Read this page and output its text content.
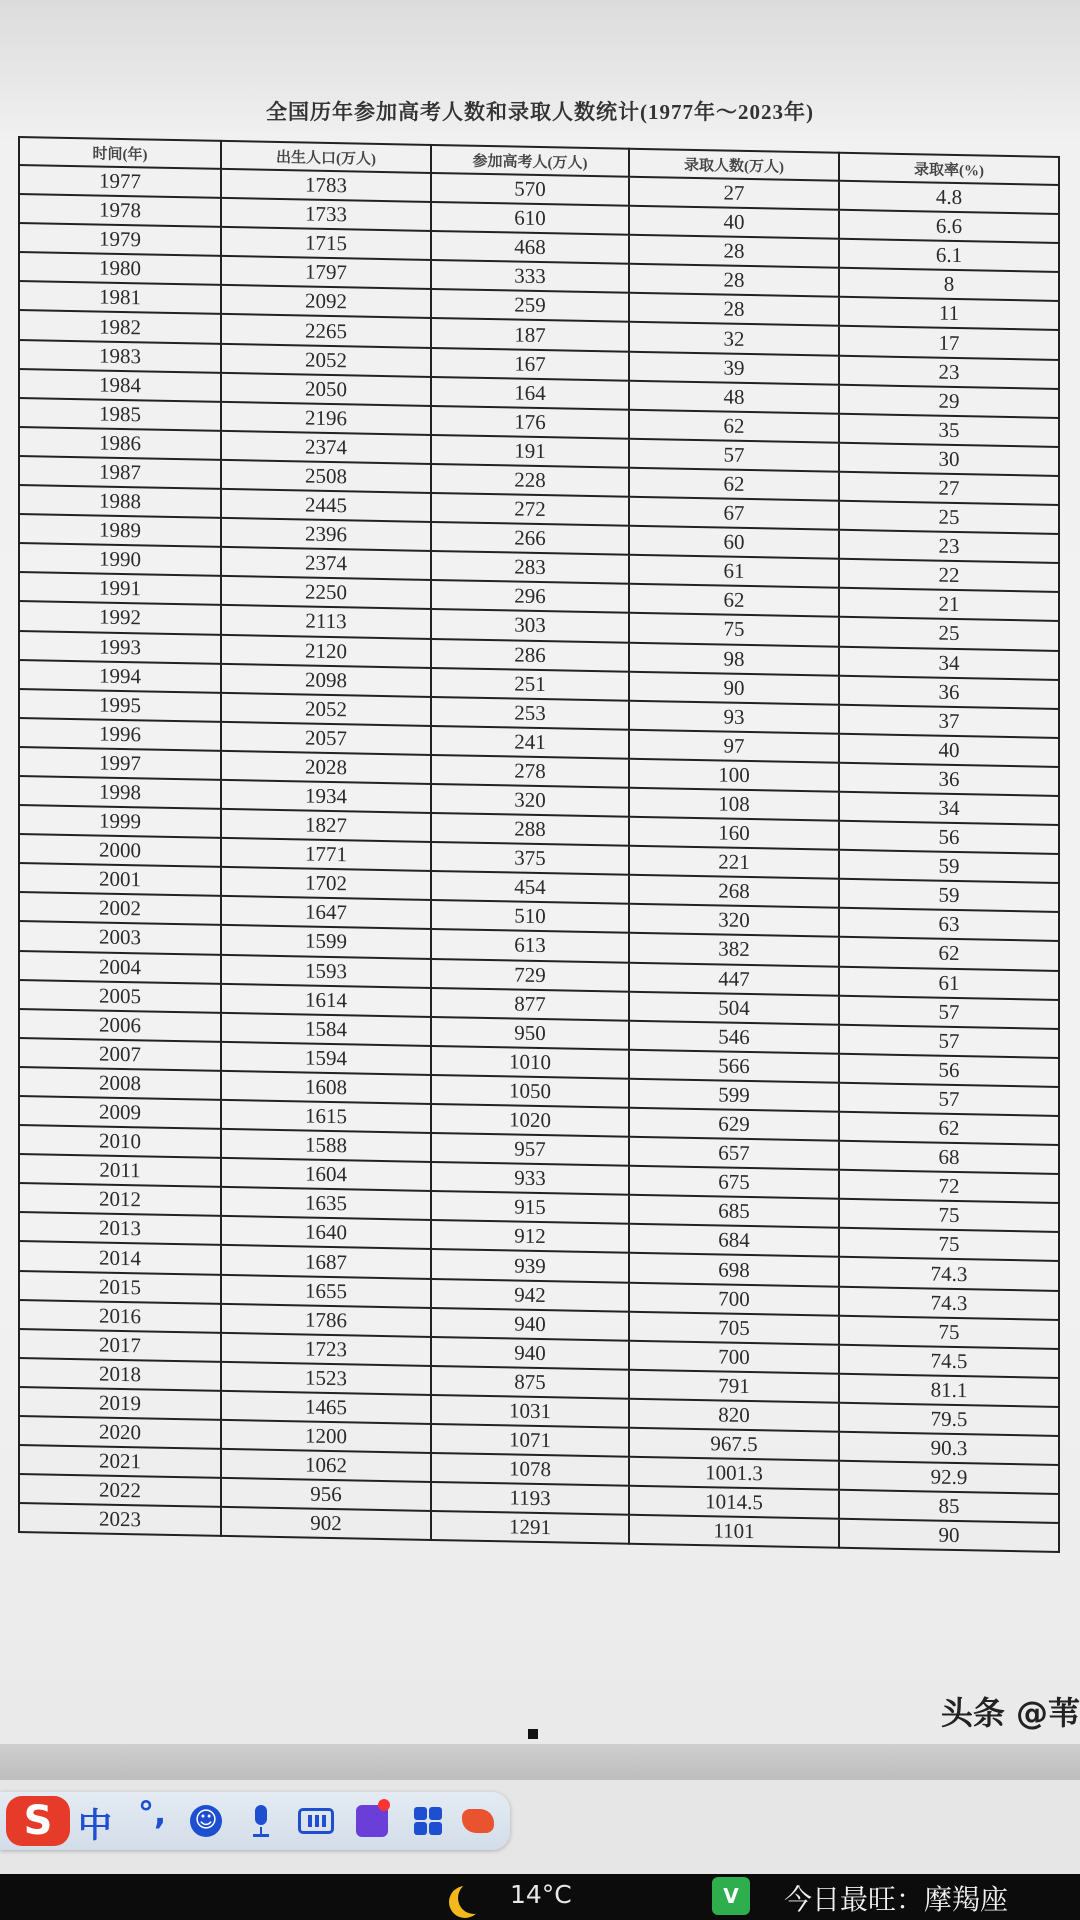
全国历年参加高考人数和录取人数统计(1977年～2023年)
时间(年)	出生人口(万人)	参加高考人(万人)	录取人数(万人)	录取率(%)
1977	1783	570	27	4.8
1978	1733	610	40	6.6
1979	1715	468	28	6.1
1980	1797	333	28	8
1981	2092	259	28	11
1982	2265	187	32	17
1983	2052	167	39	23
1984	2050	164	48	29
1985	2196	176	62	35
1986	2374	191	57	30
1987	2508	228	62	27
1988	2445	272	67	25
1989	2396	266	60	23
1990	2374	283	61	22
1991	2250	296	62	21
1992	2113	303	75	25
1993	2120	286	98	34
1994	2098	251	90	36
1995	2052	253	93	37
1996	2057	241	97	40
1997	2028	278	100	36
1998	1934	320	108	34
1999	1827	288	160	56
2000	1771	375	221	59
2001	1702	454	268	59
2002	1647	510	320	63
2003	1599	613	382	62
2004	1593	729	447	61
2005	1614	877	504	57
2006	1584	950	546	57
2007	1594	1010	566	56
2008	1608	1050	599	57
2009	1615	1020	629	62
2010	1588	957	657	68
2011	1604	933	675	72
2012	1635	915	685	75
2013	1640	912	684	75
2014	1687	939	698	74.3
2015	1655	942	700	74.3
2016	1786	940	705	75
2017	1723	940	700	74.5
2018	1523	875	791	81.1
2019	1465	1031	820	79.5
2020	1200	1071	967.5	90.3
2021	1062	1078	1001.3	92.9
2022	956	1193	1014.5	85
2023	902	1291	1101	90
头条 @苇
S 中 °, ☺
14°C	V	今日最旺：摩羯座
